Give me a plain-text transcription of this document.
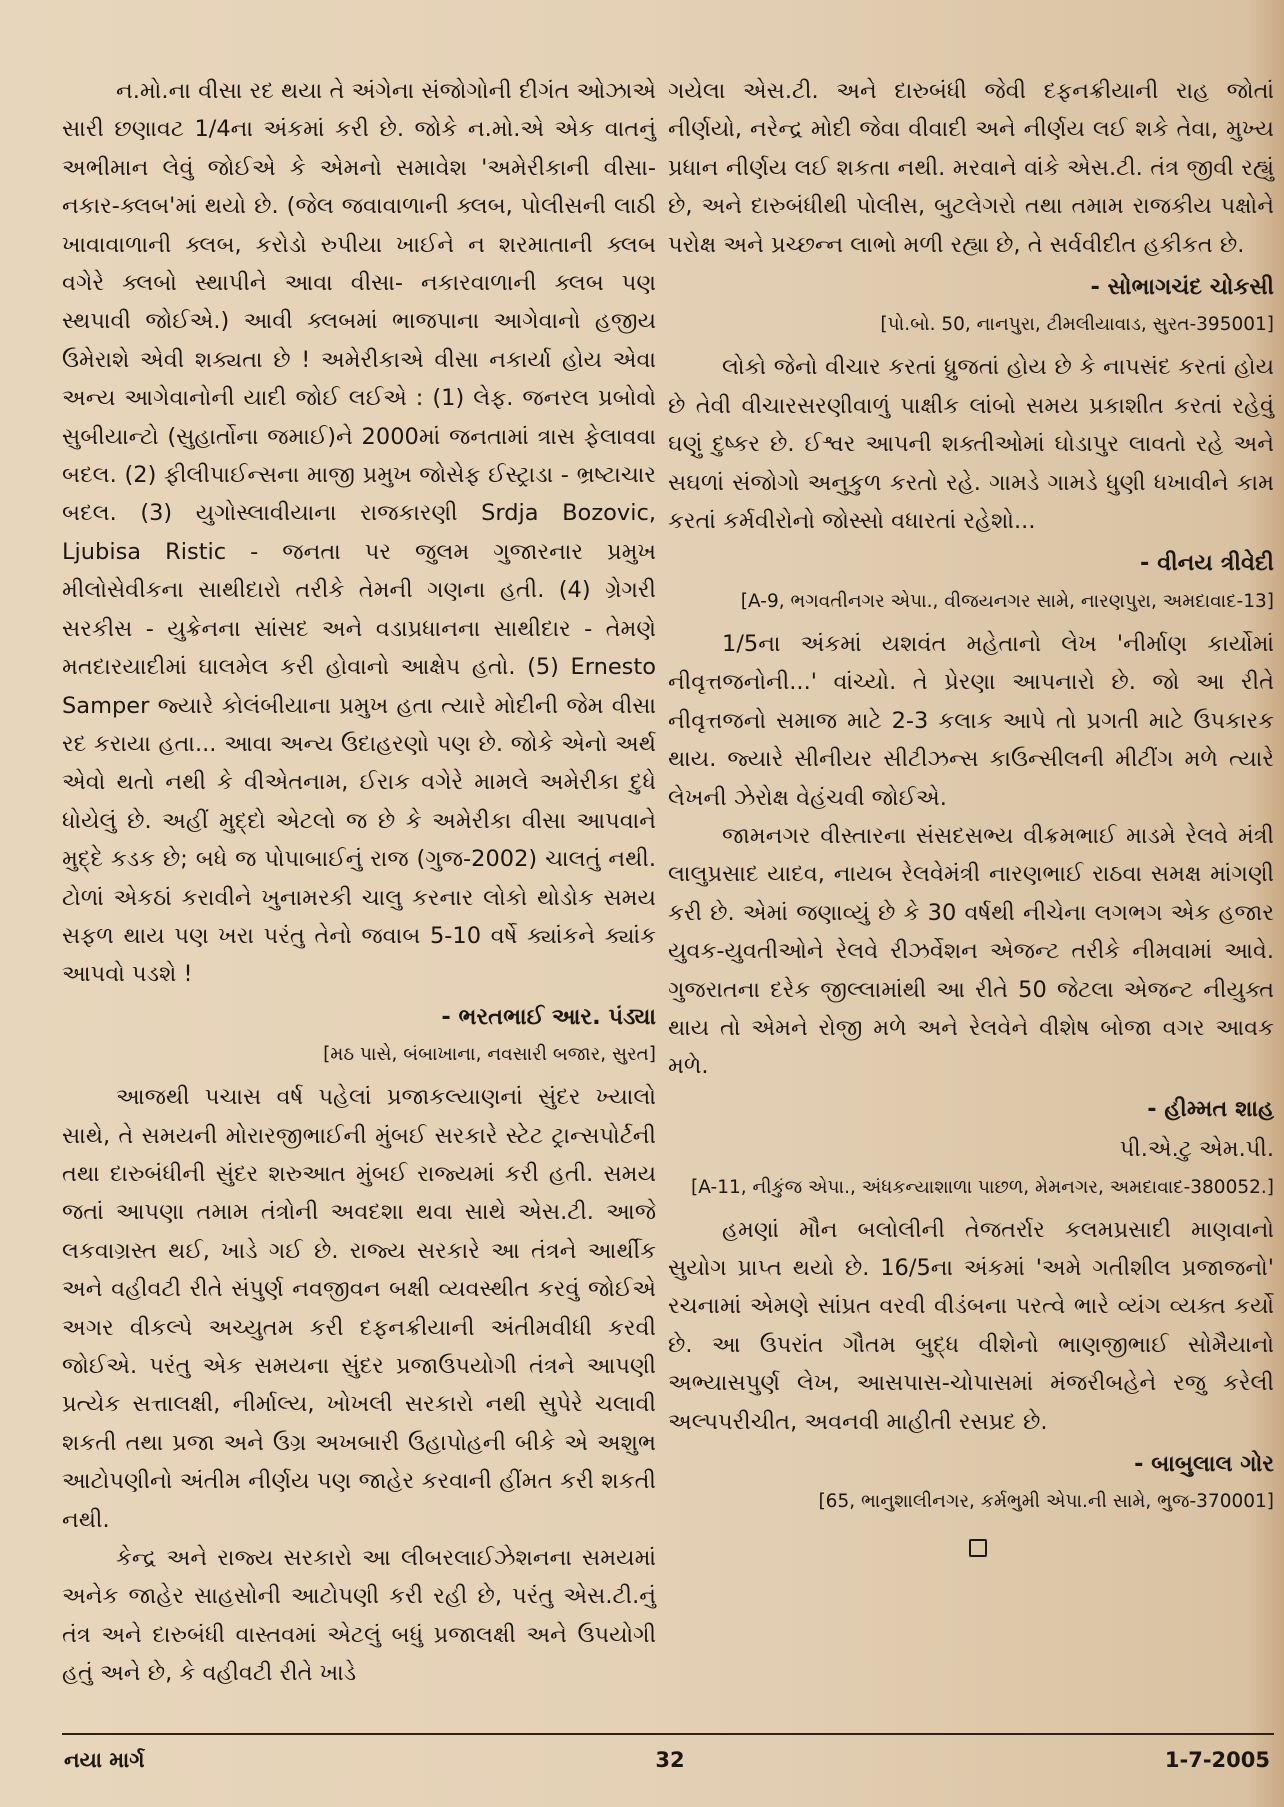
ન.મો.ના વીસા રદ થયા તે અંગેના સંજોગોની દીગંત ઓઝાએ સારી છણાવટ 1/4ના અંકમાં કરી છે. જોકે ન.મો.એ એક વાતનું અભીમાન લેવું જોઈએ કે એમનો સમાવેશ 'અમેરીકાની વીસા-નકાર-ક્લબ'માં થયો છે. (જેલ જવાવાળાની ક્લબ, પોલીસની લાઠી ખાવાવાળાની ક્લબ, કરોડો રુપીયા ખાઈને ન શરમાતાની ક્લબ વગેરે ક્લબો સ્થાપીને આવા વીસા- નકારવાળાની ક્લબ પણ સ્થપાવી જોઈએ.) આવી ક્લબમાં ભાજપાના આગેવાનો હજીય ઉમેરાશે એવી શક્યતા છે ! અમેરીકાએ વીસા નકાર્યા હોય એવા અન્ય આગેવાનોની યાદી જોઈ લઈએ : (1) લેફ. જનરલ પ્રબોવો સુબીયાન્ટો (સુહાર્તોના જમાઈ)ને 2000માં જનતામાં ત્રાસ ફેલાવવા બદલ. (2) ફીલીપાઈન્સના માજી પ્રમુખ જોસેફ ઈસ્ટ્રાડા - ભ્રષ્ટાચાર બદલ. (3) યુગોસ્લાવીયાના રાજકારણી Srdja Bozovic, Ljubisa Ristic - જનતા પર જુલમ ગુજારનાર પ્રમુખ મીલોસેવીકના સાથીદારો તરીકે તેમની ગણના હતી. (4) ગ્રેગરી સરકીસ - યુક્રેનના સાંસદ અને વડાપ્રધાનના સાથીદાર - તેમણે મતદારયાદીમાં ઘાલમેલ કરી હોવાનો આક્ષેપ હતો. (5) Ernesto Samper જ્યારે કોલંબીયાના પ્રમુખ હતા ત્યારે મોદીની જેમ વીસા રદ કરાયા હતા... આવા અન્ય ઉદાહરણો પણ છે. જોકે એનો અર્થ એવો થતો નથી કે વીએતનામ, ઈરાક વગેરે મામલે અમેરીકા દુધે ધોયેલું છે. અહીં મુદ્દો એટલો જ છે કે અમેરીકા વીસા આપવાને મુદ્દે કડક છે; બધે જ પોપાબાઈનું રાજ (ગુજ-2002) ચાલતું નથી. ટોળાં એકઠાં કરાવીને ખુનામરકી ચાલુ કરનાર લોકો થોડોક સમય સફળ થાય પણ ખરા પરંતુ તેનો જવાબ 5-10 વર્ષે ક્યાંકને ક્યાંક આપવો પડશે !

- ભરતભાઈ આર. પંડ્યા
[મઠ પાસે, બંબાખાના, નવસારી બજાર, સુરત]

આજથી પચાસ વર્ષ પહેલાં પ્રજાકલ્યાણનાં સુંદર ખ્યાલો સાથે, તે સમયની મોરારજીભાઈની મુંબઈ સરકારે સ્ટેટ ટ્રાન્સપોર્ટની તથા દારુબંધીની સુંદર શરુઆત મુંબઈ રાજ્યમાં કરી હતી. સમય જતાં આપણા તમામ તંત્રોની અવદશા થવા સાથે એસ.ટી. આજે લકવાગ્રસ્ત થઈ, ખાડે ગઈ છે. રાજ્ય સરકારે આ તંત્રને આર્થીક અને વહીવટી રીતે સંપુર્ણ નવજીવન બક્ષી વ્યવસ્થીત કરવું જોઈએ અગર વીકલ્પે અચ્યુતમ કરી દફનક્રીયાની અંતીમવીધી કરવી જોઈએ. પરંતુ એક સમયના સુંદર પ્રજાઉપયોગી તંત્રને આપણી પ્રત્યેક સત્તાલક્ષી, નીર્માલ્ય, ખોખલી સરકારો નથી સુપેરે ચલાવી શકતી તથા પ્રજા અને ઉગ્ર અખબારી ઉહાપોહની બીકે એ અશુભ આટોપણીનો અંતીમ નીર્ણય પણ જાહેર કરવાની હીંમત કરી શકતી નથી.

કેન્દ્ર અને રાજ્ય સરકારો આ લીબરલાઈઝેશનના સમયમાં અનેક જાહેર સાહસોની આટોપણી કરી રહી છે, પરંતુ એસ.ટી.નું તંત્ર અને દારુબંધી વાસ્તવમાં એટલું બધું પ્રજાલક્ષી અને ઉપયોગી હતું અને છે, કે વહીવટી રીતે ખાડે

ગયેલા એસ.ટી. અને દારુબંધી જેવી દફનક્રીયાની રાહ જોતાં નીર્ણયો, નરેન્દ્ર મોદી જેવા વીવાદી અને નીર્ણય લઈ શકે તેવા, મુખ્ય પ્રધાન નીર્ણય લઈ શકતા નથી. મરવાને વાંકે એસ.ટી. તંત્ર જીવી રહ્યું છે, અને દારુબંધીથી પોલીસ, બુટલેગરો તથા તમામ રાજકીય પક્ષોને પરોક્ષ અને પ્રચ્છન્ન લાભો મળી રહ્યા છે, તે સર્વવીદીત હકીકત છે.

- સોભાગચંદ ચોકસી
[પો.બો. 50, નાનપુરા, ટીમલીયાવાડ, સુરત-395001]

લોકો જેનો વીચાર કરતાં ધ્રુજતાં હોય છે કે નાપસંદ કરતાં હોય છે તેવી વીચારસરણીવાળું પાક્ષીક લાંબો સમય પ્રકાશીત કરતાં રહેવું ઘણું દુષ્કર છે. ઈશ્વર આપની શક્તીઓમાં ઘોડાપુર લાવતો રહે અને સઘળાં સંજોગો અનુકુળ કરતો રહે. ગામડે ગામડે ધુણી ધખાવીને કામ કરતાં કર્મવીરોનો જોસ્સો વધારતાં રહેશો...

- વીનય ત્રીવેદી
[A-9, ભગવતીનગર એપા., વીજયનગર સામે, નારણપુરા, અમદાવાદ-13]

1/5ના અંકમાં યશવંત મહેતાનો લેખ 'નીર્માણ કાર્યોમાં નીવૃત્તજનોની...' વાંચ્યો. તે પ્રેરણા આપનારો છે. જો આ રીતે નીવૃત્તજનો સમાજ માટે 2-3 કલાક આપે તો પ્રગતી માટે ઉપકારક થાય. જ્યારે સીનીયર સીટીઝન્સ કાઉન્સીલની મીટીંગ મળે ત્યારે લેખની ઝેરોક્ષ વેહંચવી જોઈએ.

જામનગર વીસ્તારના સંસદસભ્ય વીક્રમભાઈ માડમે રેલવે મંત્રી લાલુપ્રસાદ યાદવ, નાયબ રેલવેમંત્રી નારણભાઈ રાઠવા સમક્ષ માંગણી કરી છે. એમાં જણાવ્યું છે કે 30 વર્ષથી નીચેના લગભગ એક હજાર યુવક-યુવતીઓને રેલવે રીઝર્વેશન એજન્ટ તરીકે નીમવામાં આવે. ગુજરાતના દરેક જીલ્લામાંથી આ રીતે 50 જેટલા એજન્ટ નીયુક્ત થાય તો એમને રોજી મળે અને રેલવેને વીશેષ બોજા વગર આવક મળે.

- હીમ્મત શાહ
પી.એ.ટુ એમ.પી.
[A-11, નીકુંજ એપા., અંધકન્યાશાળા પાછળ, મેમનગર, અમદાવાદ-380052.]

હમણાં મૌન બલોલીની તેજતર્રાર કલમપ્રસાદી માણવાનો સુયોગ પ્રાપ્ત થયો છે. 16/5ના અંકમાં 'અમે ગતીશીલ પ્રજાજનો' રચનામાં એમણે સાંપ્રત વરવી વીડંબના પરત્વે ભારે વ્યંગ વ્યક્ત કર્યો છે. આ ઉપરાંત ગૌતમ બુદ્ધ વીશેનો ભાણજીભાઈ સોમૈયાનો અભ્યાસપુર્ણ લેખ, આસપાસ-ચોપાસમાં મંજરીબહેને રજુ કરેલી અલ્પપરીચીત, અવનવી માહીતી રસપ્રદ છે.

- બાબુલાલ ગોર
[65, ભાનુશાલીનગર, કર્મભુમી એપા.ની સામે, ભુજ-370001]
નયા માર્ગ	32	1-7-2005
